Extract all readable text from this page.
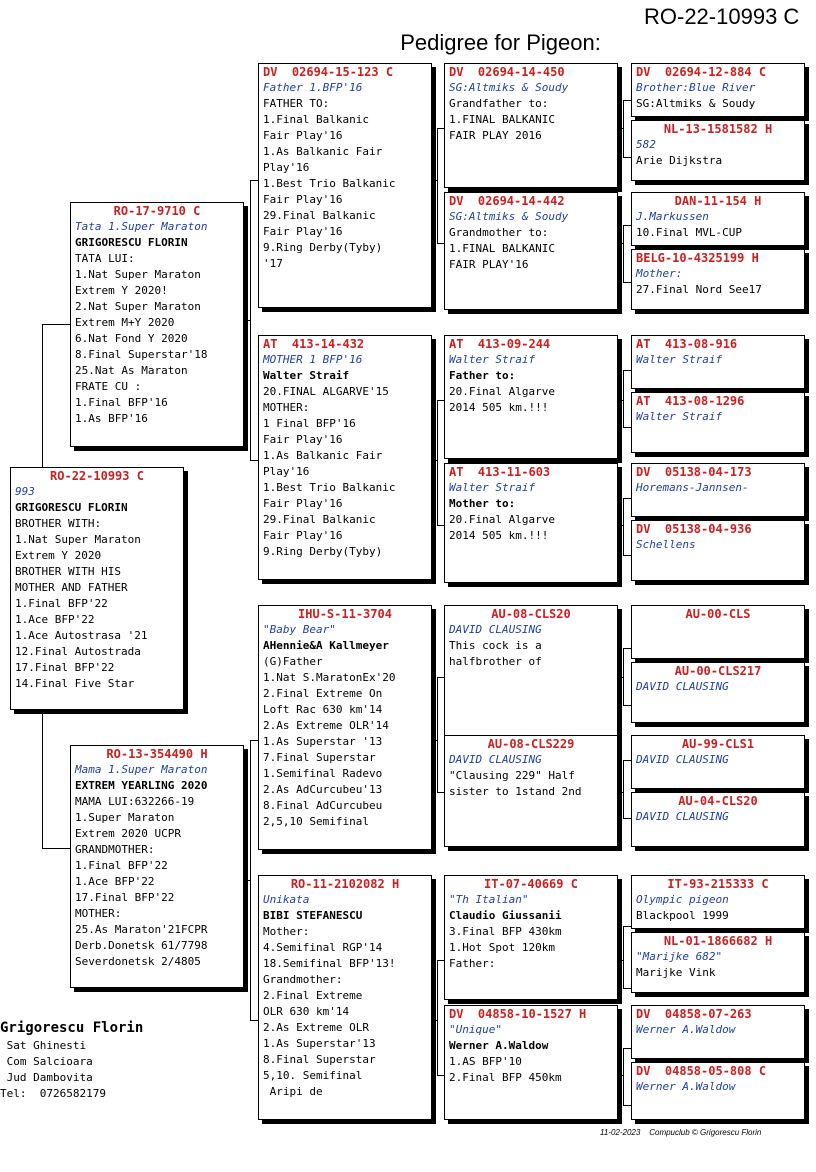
Pedigree for Pigeon:
RO-22-10993 C

RO-22-10993 C
993
GRIGORESCU FLORIN
BROTHER WITH:
1.Nat Super Maraton
Extrem Y 2020
BROTHER WITH HIS
MOTHER AND FATHER
1.Final BFP'22
1.Ace BFP'22
1.Ace Autostrasa '21
12.Final Autostrada
17.Final BFP'22
14.Final Five Star
RO-17-9710 C
Tata 1.Super Maraton
GRIGORESCU FLORIN
TATA LUI:
1.Nat Super Maraton
Extrem Y 2020!
2.Nat Super Maraton
Extrem M+Y 2020
6.Nat Fond Y 2020
8.Final Superstar'18
25.Nat As Maraton
FRATE CU :
1.Final BFP'16
1.As BFP'16
RO-13-354490 H
Mama 1.Super Maraton
EXTREM YEARLING 2020
MAMA LUI:632266-19
1.Super Maraton
Extrem 2020 UCPR
GRANDMOTHER:
1.Final BFP'22
1.Ace BFP'22
17.Final BFP'22
MOTHER:
25.As Maraton'21FCPR
Derb.Donetsk 61/7798
Severdonetsk 2/4805
DV  02694-15-123 C
Father 1.BFP'16
FATHER TO:
1.Final Balkanic
Fair Play'16
1.As Balkanic Fair
Play'16
1.Best Trio Balkanic
Fair Play'16
29.Final Balkanic
Fair Play'16
9.Ring Derby(Tyby)
'17
AT  413-14-432
MOTHER 1 BFP'16
Walter Straif
20.FINAL ALGARVE'15
MOTHER:
1 Final BFP'16
Fair Play'16
1.As Balkanic Fair
Play'16
1.Best Trio Balkanic
Fair Play'16
29.Final Balkanic
Fair Play'16
9.Ring Derby(Tyby)
IHU-S-11-3704
"Baby Bear"
AHennie&A Kallmeyer
(G)Father
1.Nat S.MaratonEx'20
2.Final Extreme On
Loft Rac 630 km'14
2.As Extreme OLR'14
1.As Superstar '13
7.Final Superstar
1.Semifinal Radevo
2.As AdCurcubeu'13
8.Final AdCurcubeu
2,5,10 Semifinal
RO-11-2102082 H
Unikata
BIBI STEFANESCU
Mother:
4.Semifinal RGP'14
18.Semifinal BFP'13!
Grandmother:
2.Final Extreme
OLR 630 km'14
2.As Extreme OLR
1.As Superstar'13
8.Final Superstar
5,10. Semifinal
Aripi de
DV  02694-14-450
SG:Altmiks & Soudy
Grandfather to:
1.FINAL BALKANIC
FAIR PLAY 2016
DV  02694-14-442
SG:Altmiks & Soudy
Grandmother to:
1.FINAL BALKANIC
FAIR PLAY'16
AT  413-09-244
Walter Straif
Father to:
20.Final Algarve
2014 505 km.!!!
AT  413-11-603
Walter Straif
Mother to:
20.Final Algarve
2014 505 km.!!!
AU-08-CLS20
DAVID CLAUSING
This cock is a
halfbrother of
AU-08-CLS229
DAVID CLAUSING
"Clausing 229" Half
sister to 1stand 2nd
IT-07-40669 C
"Th Italian"
Claudio Giussanii
3.Final BFP 430km
1.Hot Spot 120km
Father:
DV  04858-10-1527 H
"Unique"
Werner A.Waldow
1.AS BFP'10
2.Final BFP 450km
DV  02694-12-884 C
Brother:Blue River
SG:Altmiks & Soudy
NL-13-1581582 H
582
Arie Dijkstra
DAN-11-154 H
J.Markussen
10.Final MVL-CUP
BELG-10-4325199 H
Mother:
27.Final Nord See17
AT  413-08-916
Walter Straif
AT  413-08-1296
Walter Straif
DV  05138-04-173
Horemans-Jannsen-
DV  05138-04-936
Schellens
AU-00-CLS
AU-00-CLS217
DAVID CLAUSING
AU-99-CLS1
DAVID CLAUSING
AU-04-CLS20
DAVID CLAUSING
IT-93-215333 C
Olympic pigeon
Blackpool 1999
NL-01-1866682 H
"Marijke 682"
Marijke Vink
DV  04858-07-263
Werner A.Waldow
DV  04858-05-808 C
Werner A.Waldow
Grigorescu Florin
Sat Ghinesti
Com Salcioara
Jud Dambovita
Tel:  0726582179
11-02-2023    Compuclub © Grigorescu Florin
